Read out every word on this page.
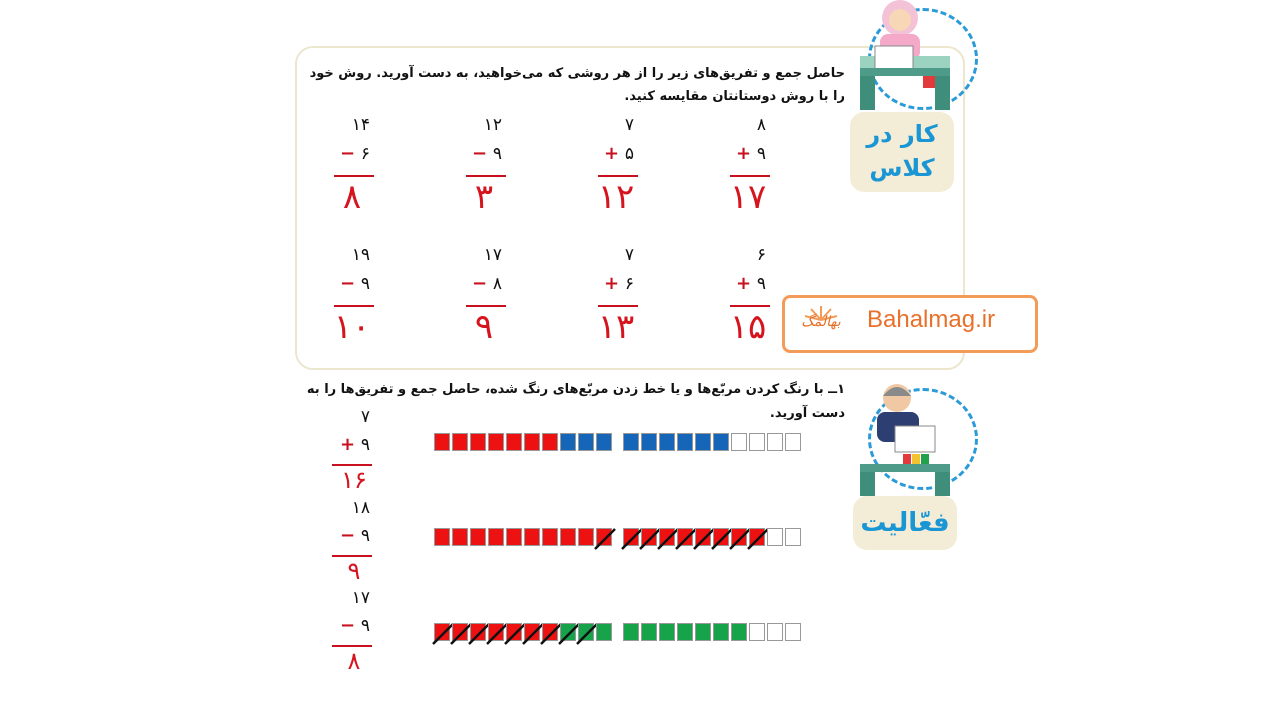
حاصل جمع و تفریق‌های زیر را از هر روشی که می‌خواهید، به دست آورید. روش خود را با روش دوستانتان مقایسه کنید.
۸
+ ۹
۱۷
۷
+ ۵
۱۲
۱۲
− ۹
۳
۱۴
− ۶
۸
۶
+ ۹
۱۵
۷
+ ۶
۱۳
۱۷
− ۸
۹
۱۹
− ۹
۱۰
کار در
کلاس
بهالمگ Bahalmag.ir
۱ــ با رنگ کردن مربّع‌ها و یا خط زدن مربّع‌های رنگ شده، حاصل جمع و تفریق‌ها را به دست آورید.
فعّالیت
۷
+ ۹
۱۶
۱۸
− ۹
۹
۱۷
− ۹
۸
